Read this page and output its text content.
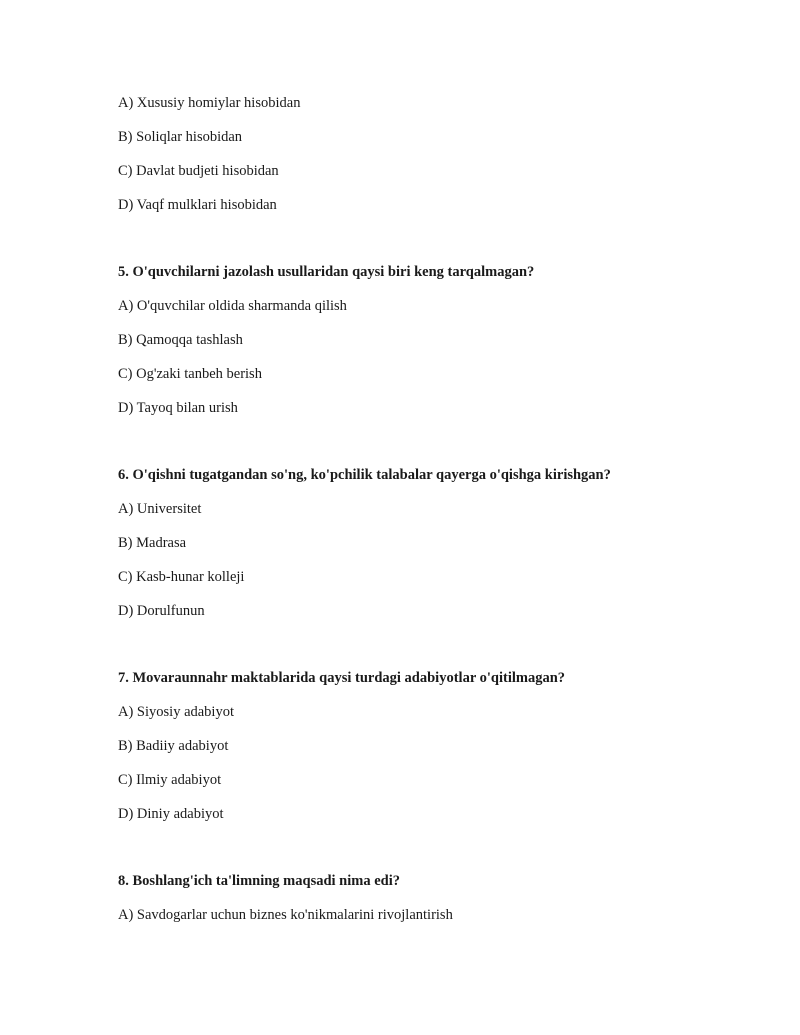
A) Xususiy homiylar hisobidan
B) Soliqlar hisobidan
C) Davlat budjeti hisobidan
D) Vaqf mulklari hisobidan
5. O'quvchilarni jazolash usullaridan qaysi biri keng tarqalmagan?
A) O'quvchilar oldida sharmanda qilish
B) Qamoqqa tashlash
C) Og'zaki tanbeh berish
D) Tayoq bilan urish
6. O'qishni tugatgandan so'ng, ko'pchilik talabalar qayerga o'qishga kirishgan?
A) Universitet
B) Madrasa
C) Kasb-hunar kolleji
D) Dorulfunun
7. Movaraunnahr maktablarida qaysi turdagi adabiyotlar o'qitilmagan?
A) Siyosiy adabiyot
B) Badiiy adabiyot
C) Ilmiy adabiyot
D) Diniy adabiyot
8. Boshlang'ich ta'limning maqsadi nima edi?
A) Savdogarlar uchun biznes ko'nikmalarini rivojlantirish
